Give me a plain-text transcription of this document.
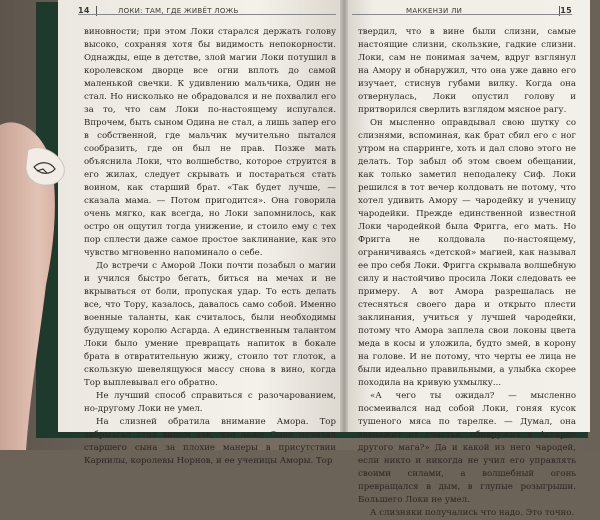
14	ЛОКИ: ТАМ, ГДЕ ЖИВЁТ ЛОЖЬ

виновности; при этом Локи старался держать голову высоко, сохраняя хотя бы видимость непокорности. Однажды, еще в детстве, злой магии Локи потушил в королевском дворце все огни вплоть до самой маленькой свечки. К удивлению мальчика, Один не стал. Но нисколько не обрадовался и не похвалил его за то, что сам Локи по-настоящему испугался. Впрочем, быть сыном Одина не стал, а лишь запер его в собственной, где мальчик мучительно пытался сообразить, где он был не прав. Позже мать объяснила Локи, что волшебство, которое струится в его жилах, следует скрывать и постараться стать воином, как старший брат. «Так будет лучше, — сказала мама. — Потом пригодится». Она говорила очень мягко, как всегда, но Локи запомнилось, как остро он ощутил тогда унижение, и стоило ему с тех пор сплести даже самое простое заклинание, как это чувство мгновенно напоминало о себе.

До встречи с Аморой Локи почти позабыл о магии и учился быстро бегать, биться на мечах и не вкрываться от боли, пропуская удар. То есть делать все, что Тору, казалось, давалось само собой. Именно военные таланты, как считалось, были необходимы будущему королю Асгарда. А единственным талантом Локи было умение превращать напиток в бокале брата в отвратительную жижу, стоило тот глоток, а скользкую шевелящуюся массу снова в вино, когда Тор выплевывал его обратно.

Не лучший способ справиться с разочарованием, но-другому Локи не умел.

На слизней обратила внимание Амора. Тор забрызгал стол вином так, что даже Один отчитал старшего сына за плохие манеры в присутствии Карнилы, королевы Норнов, и ее ученицы Аморы. Тор

МАККЕНЗИ ЛИ	15

твердил, что в вине были слизни, самые настоящие слизни, скользкие, гадкие слизни. Локи, сам не понимая зачем, вдруг взглянул на Амору и обнаружил, что она уже давно его изучает, стиснув губами вилку. Когда она отвернулась, Локи опустил голову и притворился сверлить взглядом мясное рагу.

Он мысленно оправдывал свою шутку со слизнями, вспоминая, как брат сбил его с ног утром на спарринге, хоть и дал слово этого не делать. Тор забыл об этом своем обещании, как только заметил неподалеку Сиф. Локи решился в тот вечер колдовать не потому, что хотел удивить Амору — чародейку и ученицу чародейки. Прежде единственной известной Локи чародейкой была Фригга, его мать. Но Фригга не колдовала по-настоящему, ограничиваясь «детской» магией, как называл ее про себя Локи. Фригга скрывала волшебную силу и настойчиво просила Локи следовать ее примеру. А вот Амора разрешалась не стесняться своего дара и открыто плести заклинания, учиться у лучшей чародейки, потому что Амора заплела свои локоны цвета меда в косы и уложила, будто змей, в корону на голове. И не потому, что черты ее лица не были идеально правильными, а улыбка скорее походила на кривую ухмылку...

«А чего ты ожидал? — мысленно посмеивался над собой Локи, гоняя кусок тушеного мяса по тарелке. — Думал, она завизжит от счастья, обнаружив в Асгарде другого мага?» Да и какой из него чародей, если никто и никогда не учил его управлять своими силами, а волшебный огонь превращался в дым, в глупые розыгрыши. Большего Локи не умел.

А слизняки получались что надо. Это точно.
